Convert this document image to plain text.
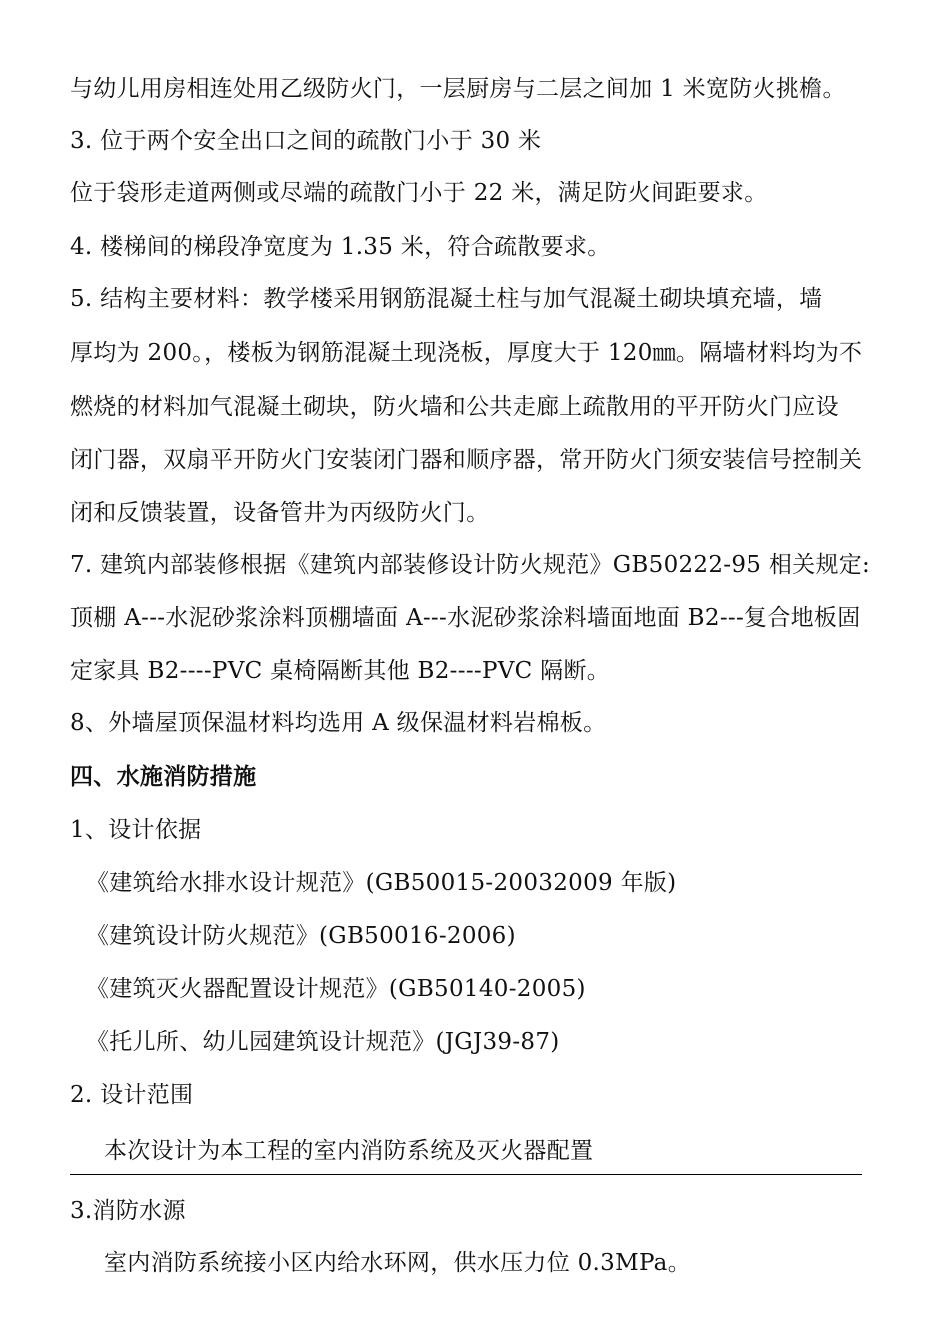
与幼儿用房相连处用乙级防火门，一层厨房与二层之间加 1 米宽防火挑檐。
3. 位于两个安全出口之间的疏散门小于 30 米
位于袋形走道两侧或尽端的疏散门小于 22 米，满足防火间距要求。
4. 楼梯间的梯段净宽度为 1.35 米，符合疏散要求。
5. 结构主要材料：教学楼采用钢筋混凝土柱与加气混凝土砌块填充墙，墙
厚均为 200。，楼板为钢筋混凝土现浇板，厚度大于 120㎜。隔墙材料均为不
燃烧的材料加气混凝土砌块，防火墙和公共走廊上疏散用的平开防火门应设
闭门器，双扇平开防火门安装闭门器和顺序器，常开防火门须安装信号控制关
闭和反馈装置，设备管井为丙级防火门。
7. 建筑内部装修根据《建筑内部装修设计防火规范》GB50222-95 相关规定:
顶棚 A---水泥砂浆涂料顶棚墙面 A---水泥砂浆涂料墙面地面 B2---复合地板固
定家具 B2----PVC 桌椅隔断其他 B2----PVC 隔断。
8、外墙屋顶保温材料均选用 A 级保温材料岩棉板。
四、水施消防措施
1、设计依据
《建筑给水排水设计规范》(GB50015-20032009 年版)
《建筑设计防火规范》(GB50016-2006)
《建筑灭火器配置设计规范》(GB50140-2005)
《托儿所、幼儿园建筑设计规范》(JGJ39-87)
2. 设计范围
本次设计为本工程的室内消防系统及灭火器配置
3.消防水源
室内消防系统接小区内给水环网，供水压力位 0.3MPa。
